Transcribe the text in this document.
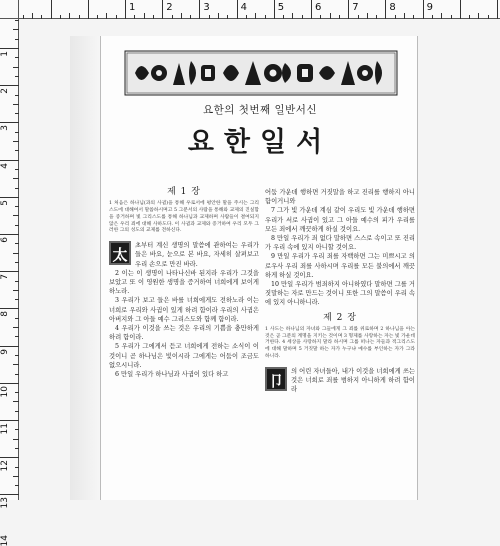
요한의 첫번째 일반서신
요한일서
제 1 장
1 처음은 하나님(과의 사귐)을 통해 우로서에 평안한 말을 주시는 그리스도에 대해여서 말씀하시며고 5 그분서의 사람을 통해와 교제의 진실함을 증거하며 빛 그리스도를 통해 하나님과 교제하며 사람들이 결여되지 않은 우리 죄에 대해 사하도다. 이 사귐과 교제와 증거하여 우리 모두 그러한 그의 성도의 교제를 전하신다.
太
초부터 계신 생명의 말씀에 관하여는 우리가 들은 바요, 눈으로 본 바요, 자세히 살펴보고 우리 손으로 만진 바라.

2 이는 이 생명이 나타나신바 된지라 우리가 그것을 보았고 또 이 영원한 생명을 증거하여 너희에게 보이게 하노라.

3 우리가 보고 들은 바를 너희에게도 전하노라 이는 너희로 우리와 사귐이 있게 하려 함이라 우리의 사귐은 아버지와 그 아들 예수 그리스도와 함께 함이라.

4 우리가 이것을 쓰는 것은 우리의 기쁨을 충만하게 하려 함이라.

5 우리가 그에게서 듣고 너희에게 전하는 소식이 이것이니 곧 하나님은 빛이시라 그에게는 어둠이 조금도 없으시니라.

6 만일 우리가 하나님과 사귐이 있다 하고

어둠 가운데 행하면 거짓말을 하고 진리를 행하지 아니함이거니와

7 그가 빛 가운데 계심 같이 우리도 빛 가운데 행하면 우리가 서로 사귐이 있고 그 아들 예수의 피가 우리를 모든 죄에서 깨끗하게 하실 것이요.

8 만일 우리가 죄 없다 말하면 스스로 속이고 또 진리가 우리 속에 있지 아니할 것이요.

9 만일 우리가 우리 죄를 자백하면 그는 미쁘시고 의로우사 우리 죄를 사하시며 우리를 모든 불의에서 깨끗하게 하실 것이요.

10 만일 우리가 범죄하지 아니하였다 말하면 그를 거짓말하는 자로 만드는 것이니 또한 그의 말씀이 우리 속에 있지 아니하니라.

제 2 장
1 사도는 하나님의 자녀와 그들에게 그 죄를 위로하며 2 하나님을 아는 것은 곧 그분의 계명을 지키는 것이며 3 형제를 사랑하는 자는 빛 가운데 거한다. 4 세상을 사랑하지 말라 하시며 그를 떠나는 자들과 적그리스도에 대해 말하며 5 거짓말 하는 자가 누구냐 예수를 부인하는 자가 그라 하니라.
卩
의 어린 자녀들아, 내가 이것을 너희에게 쓰는 것은 너희로 죄를 범하지 아니하게 하려 함이라
1	2	3	4	5	6	7	8	9
1
2
3
4
5
6
7
8
9
10
11
12
13
14
